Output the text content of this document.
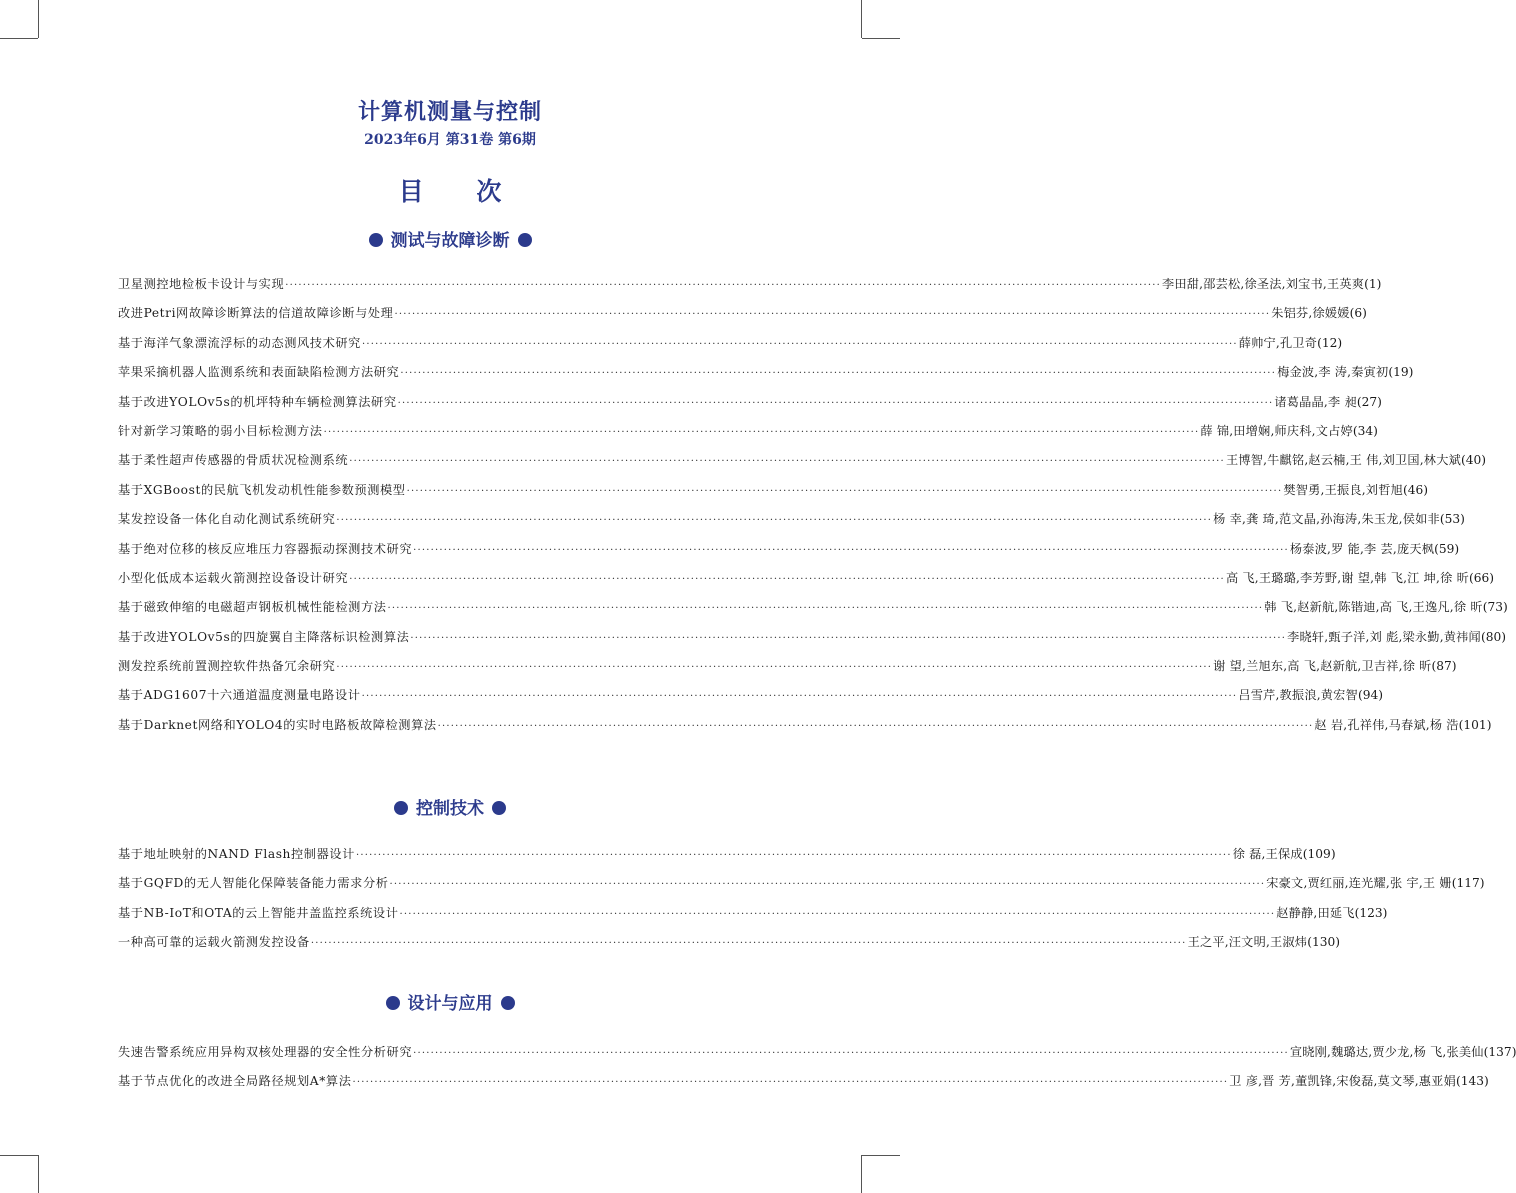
计算机测量与控制
2023年6月 第31卷 第6期
目 次
测试与故障诊断
卫星测控地检板卡设计与实现 ········································································································································································································ 李田甜,邵芸松,徐圣法,刘宝书,王英爽 (1)
改进Petri网故障诊断算法的信道故障诊断与处理 ········································································································································································································ 朱铝芬,徐媛媛 (6)
基于海洋气象漂流浮标的动态测风技术研究 ········································································································································································································ 薛帅宁,孔卫奇 (12)
苹果采摘机器人监测系统和表面缺陷检测方法研究 ········································································································································································································ 梅金波,李 涛,秦寅初 (19)
基于改进YOLOv5s的机坪特种车辆检测算法研究 ········································································································································································································ 诸葛晶晶,李 昶 (27)
针对新学习策略的弱小目标检测方法 ········································································································································································································ 薛 锦,田增娴,师庆科,文占婷 (34)
基于柔性超声传感器的骨质状况检测系统 ········································································································································································································ 王博智,牛麒铭,赵云楠,王 伟,刘卫国,林大斌 (40)
基于XGBoost的民航飞机发动机性能参数预测模型 ········································································································································································································ 樊智勇,王振良,刘哲旭 (46)
某发控设备一体化自动化测试系统研究 ········································································································································································································ 杨 幸,龚 琦,范文晶,孙海涛,朱玉龙,侯如非 (53)
基于绝对位移的核反应堆压力容器振动探测技术研究 ········································································································································································································ 杨泰波,罗 能,李 芸,庞天枫 (59)
小型化低成本运载火箭测控设备设计研究 ········································································································································································································ 高 飞,王璐璐,李芳野,谢 望,韩 飞,江 坤,徐 昕 (66)
基于磁致伸缩的电磁超声钢板机械性能检测方法 ········································································································································································································ 韩 飞,赵新航,陈锴迪,高 飞,王逸凡,徐 昕 (73)
基于改进YOLOv5s的四旋翼自主降落标识检测算法 ········································································································································································································ 李晓轩,甄子洋,刘 彪,梁永勤,黄祎闻 (80)
测发控系统前置测控软件热备冗余研究 ········································································································································································································ 谢 望,兰旭东,高 飞,赵新航,卫吉祥,徐 昕 (87)
基于ADG1607十六通道温度测量电路设计 ········································································································································································································ 吕雪芹,教振浪,黄宏智 (94)
基于Darknet网络和YOLO4的实时电路板故障检测算法 ········································································································································································································ 赵 岩,孔祥伟,马春斌,杨 浩 (101)
控制技术
基于地址映射的NAND Flash控制器设计 ········································································································································································································ 徐 磊,王保成 (109)
基于GQFD的无人智能化保障装备能力需求分析 ········································································································································································································ 宋豪文,贾红丽,连光耀,张 宇,王 姗 (117)
基于NB-IoT和OTA的云上智能井盖监控系统设计 ········································································································································································································ 赵静静,田延飞 (123)
一种高可靠的运载火箭测发控设备 ········································································································································································································ 王之平,汪文明,王淑炜 (130)
设计与应用
失速告警系统应用异构双核处理器的安全性分析研究 ········································································································································································································ 宣晓刚,魏璐达,贾少龙,杨 飞,张美仙 (137)
基于节点优化的改进全局路径规划A*算法 ········································································································································································································ 卫 彦,晋 芳,董凯锋,宋俊磊,莫文琴,惠亚娟 (143)
